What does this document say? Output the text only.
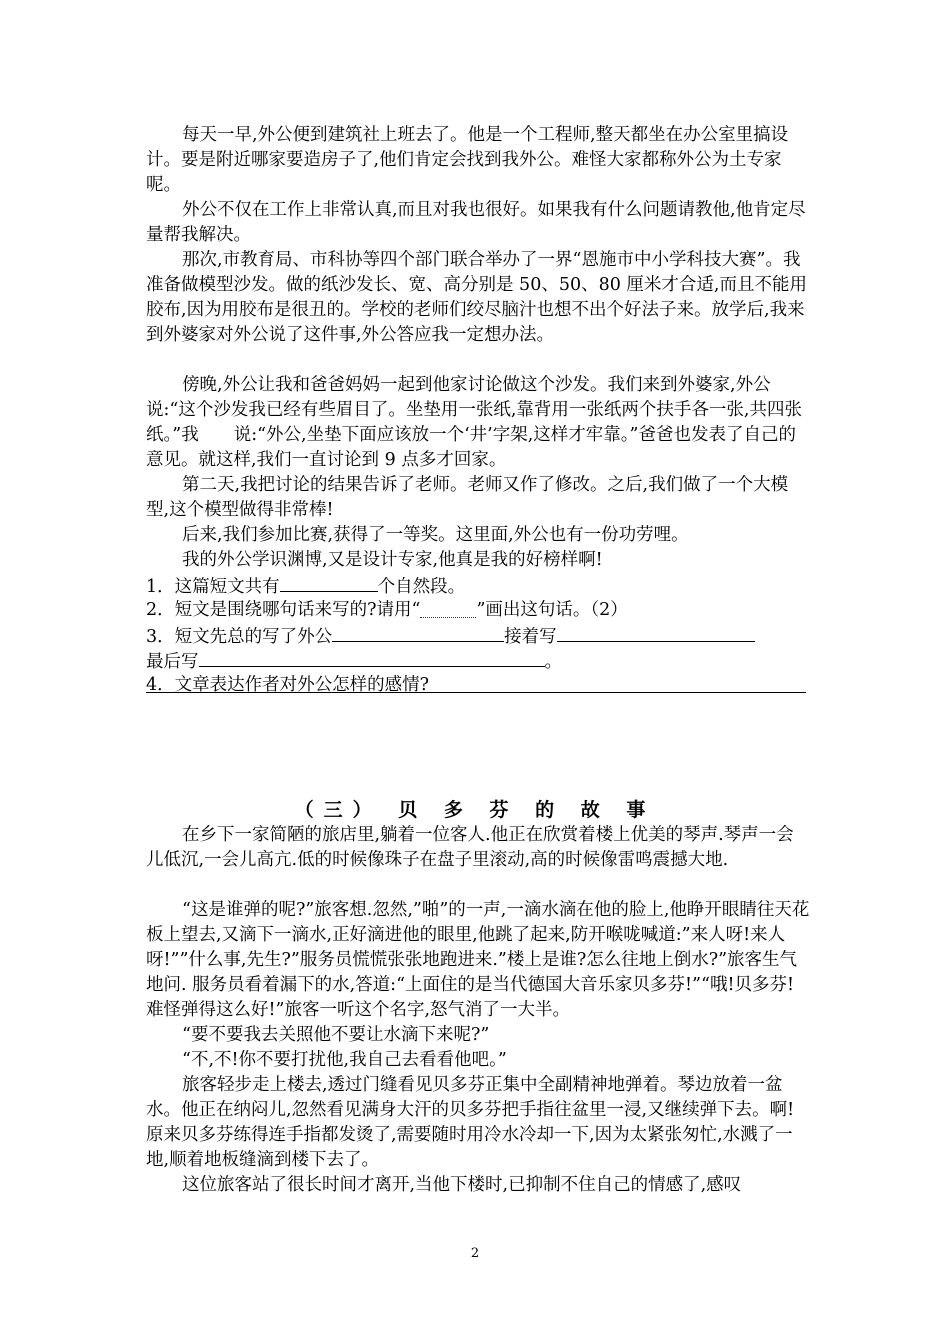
每天一早,外公便到建筑社上班去了。他是一个工程师,整天都坐在办公室里搞设计。要是附近哪家要造房子了,他们肯定会找到我外公。难怪大家都称外公为土专家呢。

外公不仅在工作上非常认真,而且对我也很好。如果我有什么问题请教他,他肯定尽量帮我解决。

那次,市教育局、市科协等四个部门联合举办了一界“恩施市中小学科技大赛”。我准备做模型沙发。做的纸沙发长、宽、高分别是 50、50、80 厘米才合适,而且不能用胶布,因为用胶布是很丑的。学校的老师们绞尽脑汁也想不出个好法子来。放学后,我来到外婆家对外公说了这件事,外公答应我一定想办法。

傍晚,外公让我和爸爸妈妈一起到他家讨论做这个沙发。我们来到外婆家,外公说:“这个沙发我已经有些眉目了。坐垫用一张纸,靠背用一张纸两个扶手各一张,共四张纸。”我　　说:“外公,坐垫下面应该放一个‘井’字架,这样才牢靠。”爸爸也发表了自己的意见。就这样,我们一直讨论到 9 点多才回家。

第二天,我把讨论的结果告诉了老师。老师又作了修改。之后,我们做了一个大模型,这个模型做得非常棒!

后来,我们参加比赛,获得了一等奖。这里面,外公也有一份功劳哩。

我的外公学识渊博,又是设计专家,他真是我的好榜样啊!

1．这篇短文共有	个自然段。
2．短文是围绕哪句话来写的?请用“	”画出这句话。（2）
3．短文先总的写了外公	接着写
最后写	。
4．文章表达作者对外公怎样的感情?
（三） 贝 多 芬 的 故 事

在乡下一家简陋的旅店里,躺着一位客人.他正在欣赏着楼上优美的琴声.琴声一会儿低沉,一会儿高亢.低的时候像珠子在盘子里滚动,高的时候像雷鸣震撼大地.

“这是谁弹的呢?”旅客想.忽然,”啪”的一声,一滴水滴在他的脸上,他睁开眼睛往天花板上望去,又滴下一滴水,正好滴进他的眼里,他跳了起来,防开喉咙喊道:”来人呀!来人呀!””什么事,先生?”服务员慌慌张张地跑进来.”楼上是谁?怎么往地上倒水?”旅客生气地问. 服务员看着漏下的水,答道:“上面住的是当代德国大音乐家贝多芬!”“哦!贝多芬!难怪弹得这么好!”旅客一听这个名字,怒气消了一大半。

“要不要我去关照他不要让水滴下来呢?”

“不,不!你不要打扰他,我自己去看看他吧。”

旅客轻步走上楼去,透过门缝看见贝多芬正集中全副精神地弹着。琴边放着一盆水。他正在纳闷儿,忽然看见满身大汗的贝多芬把手指往盆里一浸,又继续弹下去。啊!原来贝多芬练得连手指都发烫了,需要随时用冷水冷却一下,因为太紧张匆忙,水溅了一地,顺着地板缝滴到楼下去了。

这位旅客站了很长时间才离开,当他下楼时,已抑制不住自己的情感了,感叹

2
